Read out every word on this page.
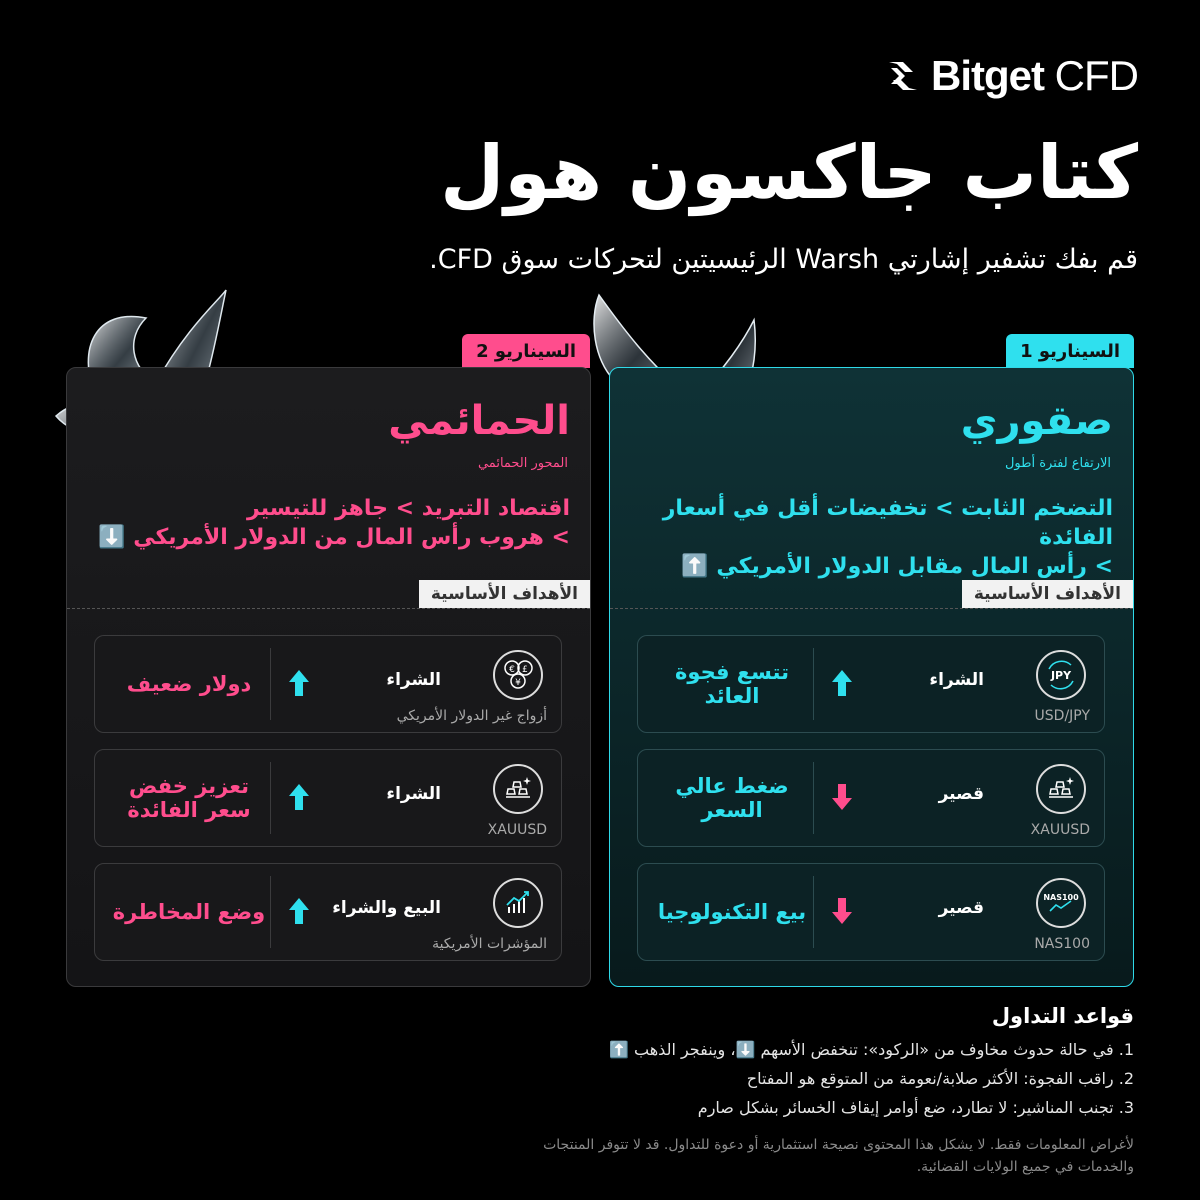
Bitget CFD
كتاب جاكسون هول
قم بفك تشفير إشارتي Warsh الرئيسيتين لتحركات سوق CFD.
السيناريو 2	السيناريو 1
الحمائمي
المحور الحمائمي
اقتصاد التبريد > جاهز للتيسير
> هروب رأس المال من الدولار الأمريكي ⬇️
الأهداف الأساسية
€ £
¥
أزواج غير الدولار الأمريكي
الشراء
دولار ضعيف
XAUUSD
الشراء
تعزيز خفض سعر الفائدة
المؤشرات الأمريكية
البيع والشراء
وضع المخاطرة
صقوري
الارتفاع لفترة أطول
التضخم الثابت > تخفيضات أقل في أسعار الفائدة
> رأس المال مقابل الدولار الأمريكي ⬆️
الأهداف الأساسية
JPY
USD/JPY
الشراء
تتسع فجوة العائد
XAUUSD
قصير
ضغط عالي السعر
NAS100
NAS100
قصير
بيع التكنولوجيا
قواعد التداول
1. في حالة حدوث مخاوف من «الركود»: تنخفض الأسهم ⬇️، وينفجر الذهب ⬆️
2. راقب الفجوة: الأكثر صلابة/نعومة من المتوقع هو المفتاح
3. تجنب المناشير: لا تطارد، ضع أوامر إيقاف الخسائر بشكل صارم
لأغراض المعلومات فقط. لا يشكل هذا المحتوى نصيحة استثمارية أو دعوة للتداول. قد لا تتوفر المنتجات والخدمات في جميع الولايات القضائية.
